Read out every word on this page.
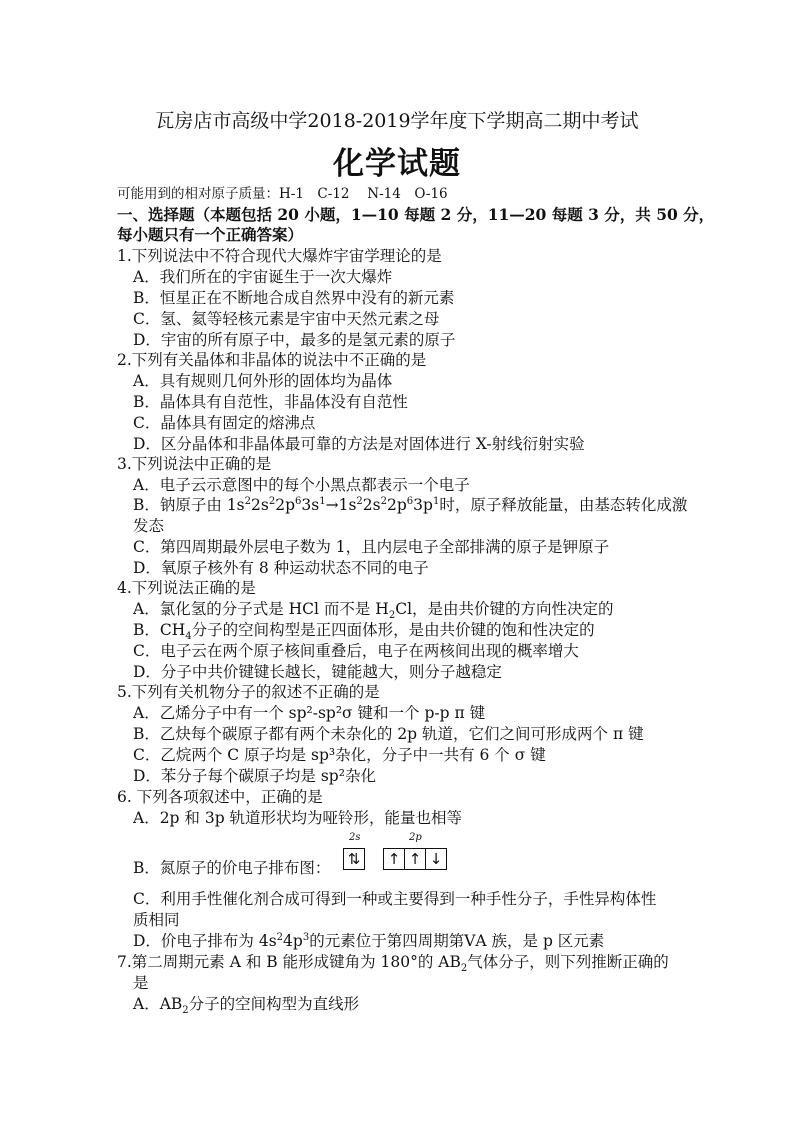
瓦房店市高级中学2018-2019学年度下学期高二期中考试
化学试题
可能用到的相对原子质量：H-1　C-12　 N-14　O-16
一、选择题（本题包括 20 小题，1—10 每题 2 分，11—20 每题 3 分，共 50 分，
每小题只有一个正确答案）
1.下列说法中不符合现代大爆炸宇宙学理论的是
A．我们所在的宇宙诞生于一次大爆炸
B．恒星正在不断地合成自然界中没有的新元素
C．氢、氦等轻核元素是宇宙中天然元素之母
D．宇宙的所有原子中，最多的是氢元素的原子
2.下列有关晶体和非晶体的说法中不正确的是
A．具有规则几何外形的固体均为晶体
B．晶体具有自范性，非晶体没有自范性
C．晶体具有固定的熔沸点
D．区分晶体和非晶体最可靠的方法是对固体进行 X-射线衍射实验
3.下列说法中正确的是
A．电子云示意图中的每个小黑点都表示一个电子
B．钠原子由 $1s^22s^22p^63s^1\to 1s^22s^22p^63p^1$时，原子释放能量，由基态转化成激
发态
C．第四周期最外层电子数为 1，且内层电子全部排满的原子是钾原子
D．氧原子核外有 8 种运动状态不同的电子
4.下列说法正确的是
A．氯化氢的分子式是 HCl 而不是 $H_2Cl$，是由共价键的方向性决定的
B．$CH_4$分子的空间构型是正四面体形，是由共价键的饱和性决定的
C．电子云在两个原子核间重叠后，电子在两核间出现的概率增大
D．分子中共价键键长越长，键能越大，则分子越稳定
5.下列有关机物分子的叙述不正确的是
A．乙烯分子中有一个 sp²-sp²σ 键和一个 p-p π 键
B．乙炔每个碳原子都有两个未杂化的 2p 轨道，它们之间可形成两个 π 键
C．乙烷两个 C 原子均是 sp³杂化，分子中一共有 6 个 σ 键
D．苯分子每个碳原子均是 sp²杂化
6. 下列各项叙述中，正确的是
A．2p 和 3p 轨道形状均为哑铃形，能量也相等
2s	2p
B．氮原子的价电子排布图： ⇅ ↑ ↑ ↓
C．利用手性催化剂合成可得到一种或主要得到一种手性分子，手性异构体性
质相同
D．价电子排布为 $4s^24p^3$的元素位于第四周期第ⅤA 族，是 p 区元素
7.第二周期元素 A 和 B 能形成键角为 180°的 $AB_2$气体分子，则下列推断正确的
是
A．$AB_2$分子的空间构型为直线形
